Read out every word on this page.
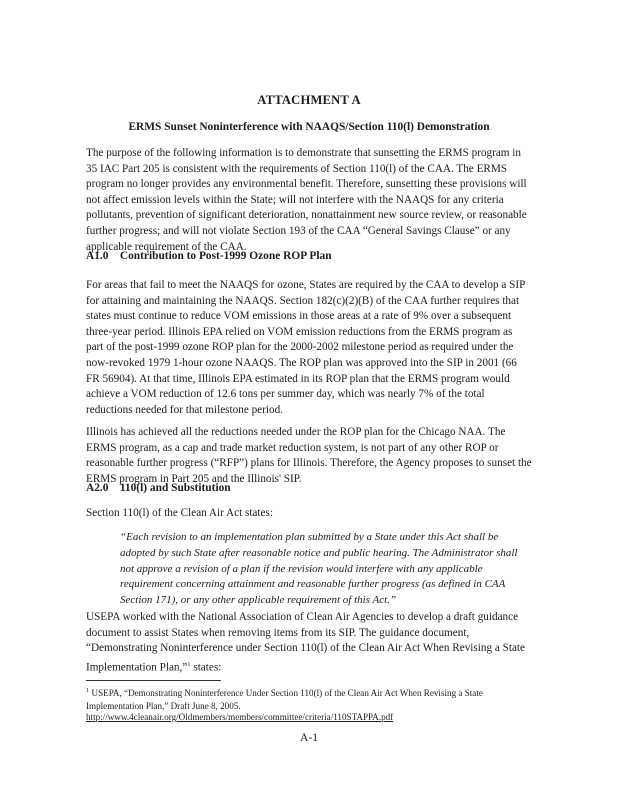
ATTACHMENT A

ERMS Sunset Noninterference with NAAQS/Section 110(l) Demonstration

The purpose of the following information is to demonstrate that sunsetting the ERMS program in 35 IAC Part 205 is consistent with the requirements of Section 110(l) of the CAA. The ERMS program no longer provides any environmental benefit. Therefore, sunsetting these provisions will not affect emission levels within the State; will not interfere with the NAAQS for any criteria pollutants, prevention of significant deterioration, nonattainment new source review, or reasonable further progress; and will not violate Section 193 of the CAA “General Savings Clause” or any applicable requirement of the CAA.

A1.0 Contribution to Post-1999 Ozone ROP Plan

For areas that fail to meet the NAAQS for ozone, States are required by the CAA to develop a SIP for attaining and maintaining the NAAQS. Section 182(c)(2)(B) of the CAA further requires that states must continue to reduce VOM emissions in those areas at a rate of 9% over a subsequent three-year period. Illinois EPA relied on VOM emission reductions from the ERMS program as part of the post-1999 ozone ROP plan for the 2000-2002 milestone period as required under the now-revoked 1979 1-hour ozone NAAQS. The ROP plan was approved into the SIP in 2001 (66 FR 56904). At that time, Illinois EPA estimated in its ROP plan that the ERMS program would achieve a VOM reduction of 12.6 tons per summer day, which was nearly 7% of the total reductions needed for that milestone period.

Illinois has achieved all the reductions needed under the ROP plan for the Chicago NAA. The ERMS program, as a cap and trade market reduction system, is not part of any other ROP or reasonable further progress (“RFP”) plans for Illinois. Therefore, the Agency proposes to sunset the ERMS program in Part 205 and the Illinois' SIP.

A2.0 110(l) and Substitution

Section 110(l) of the Clean Air Act states:

“Each revision to an implementation plan submitted by a State under this Act shall be adopted by such State after reasonable notice and public hearing. The Administrator shall not approve a revision of a plan if the revision would interfere with any applicable requirement concerning attainment and reasonable further progress (as defined in CAA Section 171), or any other applicable requirement of this Act.”

USEPA worked with the National Association of Clean Air Agencies to develop a draft guidance document to assist States when removing items from its SIP. The guidance document, “Demonstrating Noninterference under Section 110(l) of the Clean Air Act When Revising a State Implementation Plan,”$^1$ states:

$^1$ USEPA, “Demonstrating Noninterference Under Section 110(l) of the Clean Air Act When Revising a State Implementation Plan,” Draft June 8, 2005.

http://www.4cleanair.org/Oldmembers/members/committee/criteria/110STAPPA.pdf

A-1
